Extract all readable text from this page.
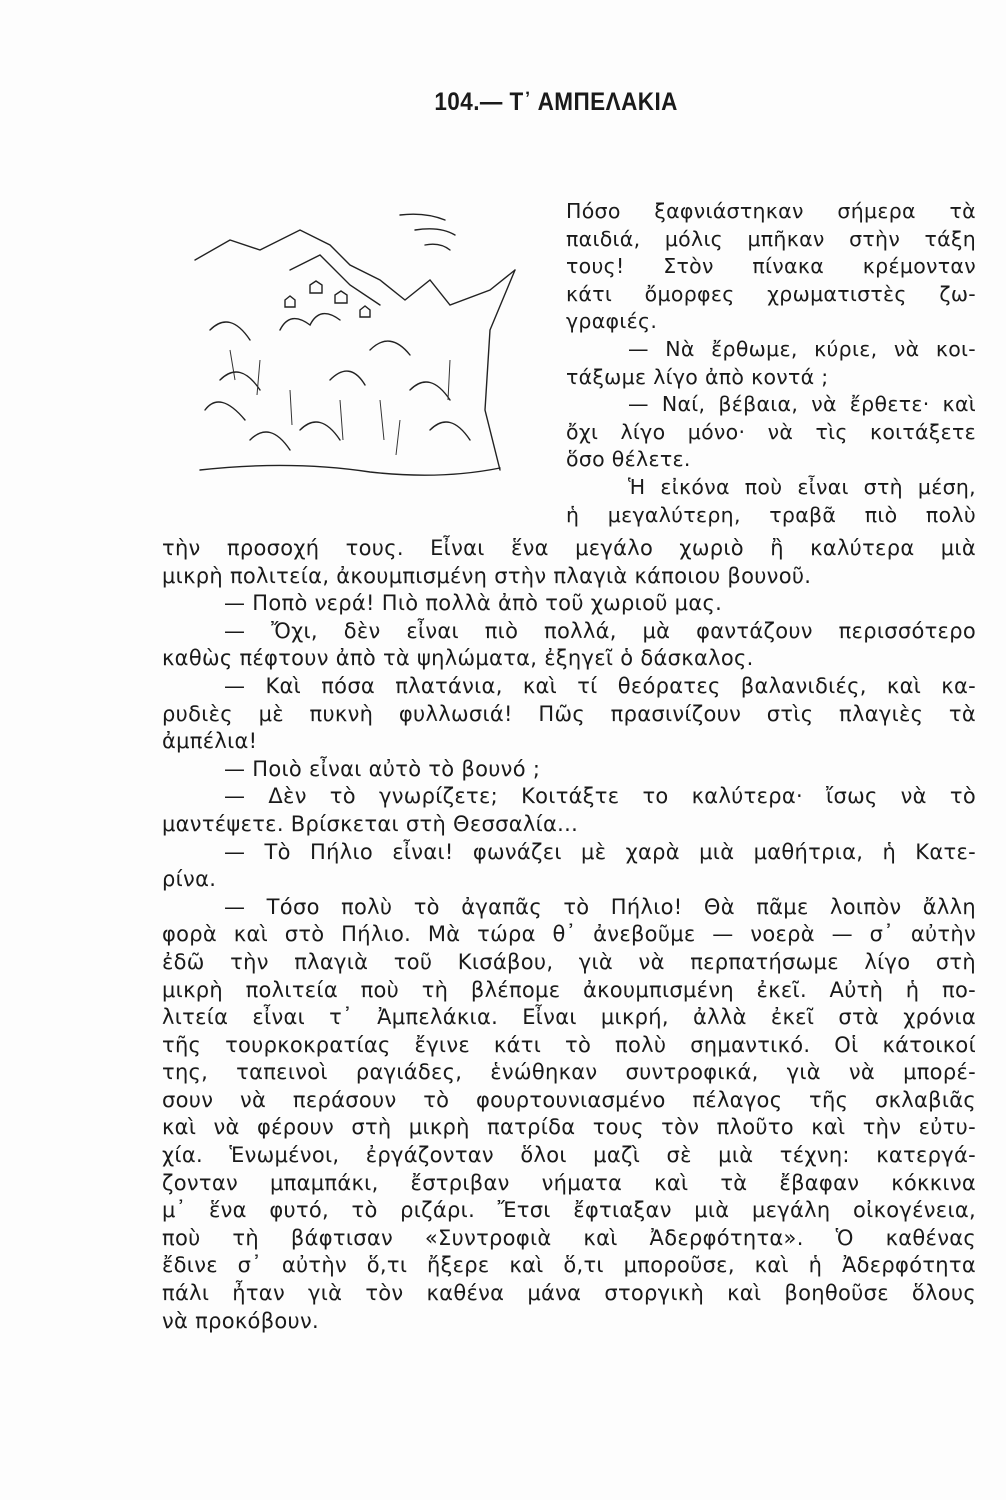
104.— Τ᾽ ΑΜΠΕΛΑΚΙΑ
Πόσο ξαφνιάστηκαν σήμερα τὰ
παιδιά, μόλις μπῆκαν στὴν τάξη
τους! Στὸν πίνακα κρέμονταν
κάτι ὄμορφες χρωματιστὲς ζω-
γραφιές.
— Νὰ ἔρθωμε, κύριε, νὰ κοι-
τάξωμε λίγο ἀπὸ κοντά ;
— Ναί, βέβαια, νὰ ἔρθετε· καὶ
ὄχι λίγο μόνο· νὰ τὶς κοιτάξετε
ὅσο θέλετε.
Ἡ εἰκόνα ποὺ εἶναι στὴ μέση,
ἡ μεγαλύτερη, τραβᾶ πιὸ πολὺ
τὴν προσοχή τους. Εἶναι ἕνα μεγάλο χωριὸ ἢ καλύτερα μιὰ
μικρὴ πολιτεία, ἀκουμπισμένη στὴν πλαγιὰ κάποιου βουνοῦ.
— Ποπὸ νερά! Πιὸ πολλὰ ἀπὸ τοῦ χωριοῦ μας.
— Ὄχι, δὲν εἶναι πιὸ πολλά, μὰ φαντάζουν περισσότερο
καθὼς πέφτουν ἀπὸ τὰ ψηλώματα, ἐξηγεῖ ὁ δάσκαλος.
— Καὶ πόσα πλατάνια, καὶ τί θεόρατες βαλανιδιές, καὶ κα-
ρυδιὲς μὲ πυκνὴ φυλλωσιά! Πῶς πρασινίζουν στὶς πλαγιὲς τὰ
ἀμπέλια!
— Ποιὸ εἶναι αὐτὸ τὸ βουνό ;
— Δὲν τὸ γνωρίζετε; Κοιτάξτε το καλύτερα· ἴσως νὰ τὸ
μαντέψετε. Βρίσκεται στὴ Θεσσαλία...
— Τὸ Πήλιο εἶναι! φωνάζει μὲ χαρὰ μιὰ μαθήτρια, ἡ Κατε-
ρίνα.
— Τόσο πολὺ τὸ ἀγαπᾶς τὸ Πήλιο! Θὰ πᾶμε λοιπὸν ἄλλη
φορὰ καὶ στὸ Πήλιο. Μὰ τώρα θ᾽ ἀνεβοῦμε — νοερὰ — σ᾽ αὐτὴν
ἐδῶ τὴν πλαγιὰ τοῦ Κισάβου, γιὰ νὰ περπατήσωμε λίγο στὴ
μικρὴ πολιτεία ποὺ τὴ βλέπομε ἀκουμπισμένη ἐκεῖ. Αὐτὴ ἡ πο-
λιτεία εἶναι τ᾽ Ἀμπελάκια. Εἶναι μικρή, ἀλλὰ ἐκεῖ στὰ χρόνια
τῆς τουρκοκρατίας ἔγινε κάτι τὸ πολὺ σημαντικό. Οἱ κάτοικοί
της, ταπεινοὶ ραγιάδες, ἑνώθηκαν συντροφικά, γιὰ νὰ μπορέ-
σουν νὰ περάσουν τὸ φουρτουνιασμένο πέλαγος τῆς σκλαβιᾶς
καὶ νὰ φέρουν στὴ μικρὴ πατρίδα τους τὸν πλοῦτο καὶ τὴν εὐτυ-
χία. Ἑνωμένοι, ἐργάζονταν ὅλοι μαζὶ σὲ μιὰ τέχνη: κατεργά-
ζονταν μπαμπάκι, ἔστριβαν νήματα καὶ τὰ ἔβαφαν κόκκινα
μ᾽ ἕνα φυτό, τὸ ριζάρι. Ἔτσι ἔφτιαξαν μιὰ μεγάλη οἰκογένεια,
ποὺ τὴ βάφτισαν «Συντροφιὰ καὶ Ἀδερφότητα». Ὁ καθένας
ἔδινε σ᾽ αὐτὴν ὅ,τι ἤξερε καὶ ὅ,τι μποροῦσε, καὶ ἡ Ἀδερφότητα
πάλι ἦταν γιὰ τὸν καθένα μάνα στοργικὴ καὶ βοηθοῦσε ὅλους
νὰ προκόβουν.
